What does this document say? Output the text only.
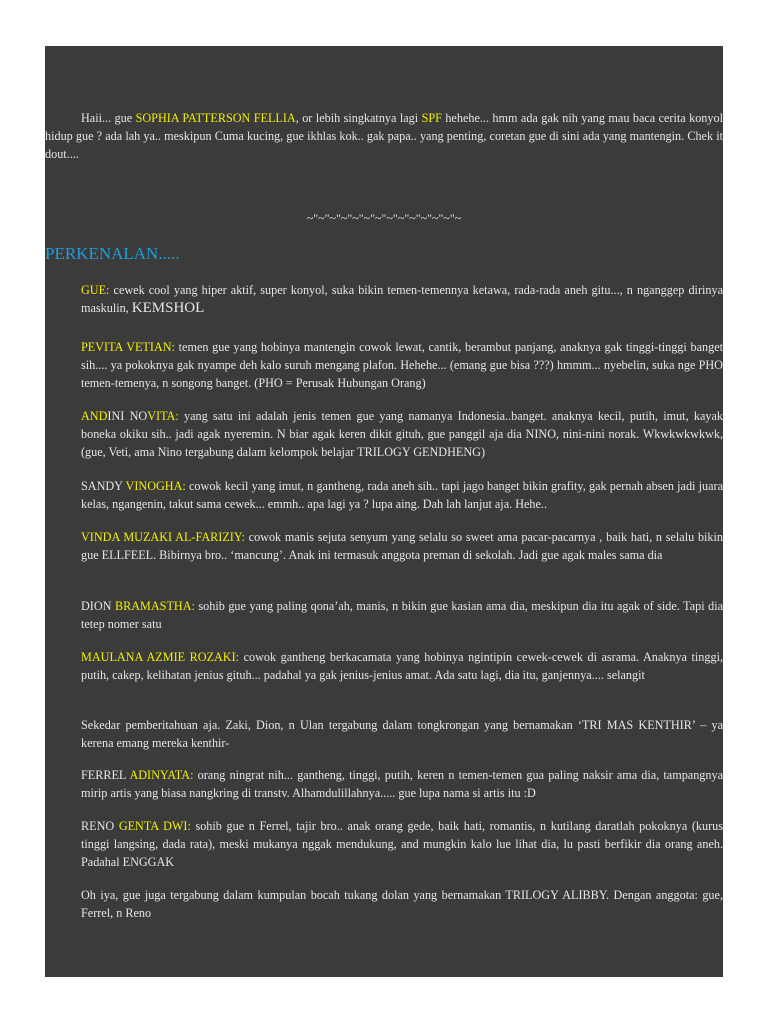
Haii... gue SOPHIA PATTERSON FELLIA, or lebih singkatnya lagi SPF hehehe... hmm ada gak nih yang mau baca cerita konyol hidup gue ? ada lah ya.. meskipun Cuma kucing, gue ikhlas kok.. gak papa.. yang penting, coretan gue di sini ada yang mantengin. Chek it dout....
~"~"~"~"~"~"~"~"~"~"~"~"~"~
PERKENALAN.....
GUE: cewek cool yang hiper aktif, super konyol, suka bikin temen-temennya ketawa, rada-rada aneh gitu..., n nganggep dirinya maskulin, KEMSHOL
PEVITA VETIAN: temen gue yang hobinya mantengin cowok lewat, cantik, berambut panjang, anaknya gak tinggi-tinggi banget sih.... ya pokoknya gak nyampe deh kalo suruh mengang plafon. Hehehe... (emang gue bisa ???) hmmm... nyebelin, suka nge PHO temen-temenya, n songong banget. (PHO = Perusak Hubungan Orang)
ANDINI NOVITA: yang satu ini adalah jenis temen gue yang namanya Indonesia..banget. anaknya kecil, putih, imut, kayak boneka okiku sih.. jadi agak nyeremin. N biar agak keren dikit gituh, gue panggil aja dia NINO, nini-nini norak. Wkwkwkwkwk, (gue, Veti, ama Nino tergabung dalam kelompok belajar TRILOGY GENDHENG)
SANDY VINOGHA: cowok kecil yang imut, n gantheng, rada aneh sih.. tapi jago banget bikin grafity, gak pernah absen jadi juara kelas, ngangenin, takut sama cewek... emmh.. apa lagi ya ? lupa aing. Dah lah lanjut aja. Hehe..
VINDA MUZAKI AL-FARIZIY: cowok manis sejuta senyum yang selalu so sweet ama pacar-pacarnya , baik hati, n selalu bikin gue ELLFEEL. Bibirnya bro.. ‘mancung’. Anak ini termasuk anggota preman di sekolah. Jadi gue agak males sama dia
DION BRAMASTHA: sohib gue yang paling qona’ah, manis, n bikin gue kasian ama dia, meskipun dia itu agak of side. Tapi dia tetep nomer satu
MAULANA AZMIE ROZAKI: cowok gantheng berkacamata yang hobinya ngintipin cewek-cewek di asrama. Anaknya tinggi, putih, cakep, kelihatan jenius gituh... padahal ya gak jenius-jenius amat. Ada satu lagi, dia itu, ganjennya.... selangit
Sekedar pemberitahuan aja. Zaki, Dion, n Ulan tergabung dalam tongkrongan yang bernamakan ‘TRI MAS KENTHIR’ – ya kerena emang mereka kenthir-
FERREL ADINYATA: orang ningrat nih... gantheng, tinggi, putih, keren n temen-temen gua paling naksir ama dia, tampangnya mirip artis yang biasa nangkring di transtv. Alhamdulillahnya..... gue lupa nama si artis itu :D
RENO GENTA DWI: sohib gue n Ferrel, tajir bro.. anak orang gede, baik hati, romantis, n kutilang daratlah pokoknya (kurus tinggi langsing, dada rata), meski mukanya nggak mendukung, and mungkin kalo lue lihat dia, lu pasti berfikir dia orang aneh. Padahal ENGGAK
Oh iya, gue juga tergabung dalam kumpulan bocah tukang dolan yang bernamakan TRILOGY ALIBBY. Dengan anggota: gue, Ferrel, n Reno
